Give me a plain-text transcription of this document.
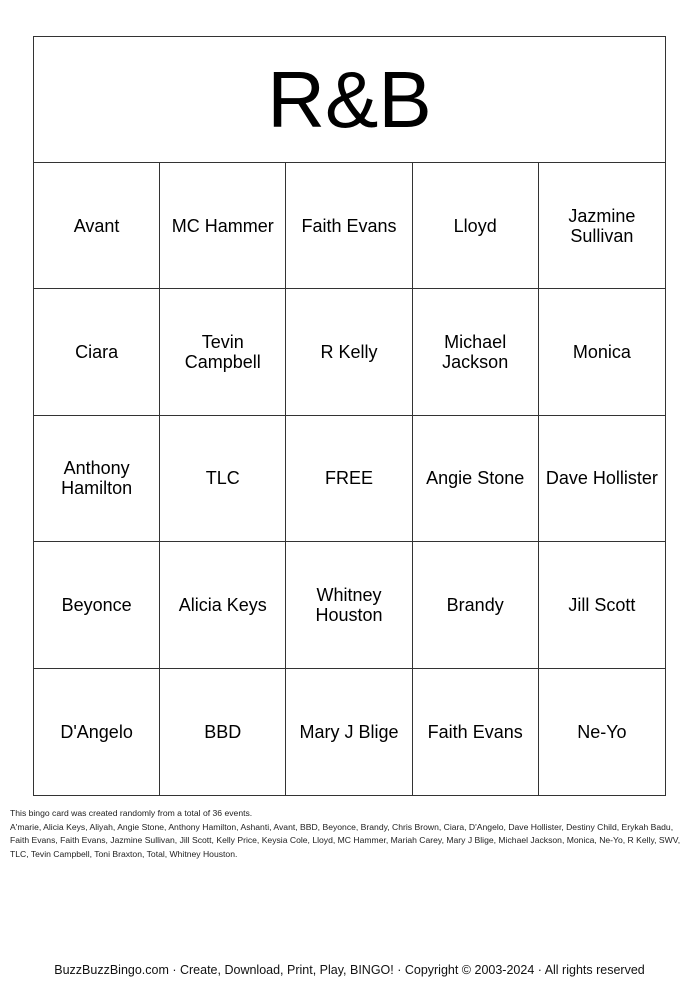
R&B
Avant	MC Hammer	Faith Evans	Lloyd	Jazmine Sullivan
Ciara	Tevin Campbell	R Kelly	Michael Jackson	Monica
Anthony Hamilton	TLC	FREE	Angie Stone	Dave Hollister
Beyonce	Alicia Keys	Whitney Houston	Brandy	Jill Scott
D'Angelo	BBD	Mary J Blige	Faith Evans	Ne-Yo

This bingo card was created randomly from a total of 36 events.

A'marie, Alicia Keys, Aliyah, Angie Stone, Anthony Hamilton, Ashanti, Avant, BBD, Beyonce, Brandy, Chris Brown, Ciara, D'Angelo, Dave Hollister, Destiny Child, Erykah Badu, Faith Evans, Faith Evans, Jazmine Sullivan, Jill Scott, Kelly Price, Keysia Cole, Lloyd, MC Hammer, Mariah Carey, Mary J Blige, Michael Jackson, Monica, Ne-Yo, R Kelly, SWV, TLC, Tevin Campbell, Toni Braxton, Total, Whitney Houston.

BuzzBuzzBingo.com · Create, Download, Print, Play, BINGO! · Copyright © 2003-2024 · All rights reserved
